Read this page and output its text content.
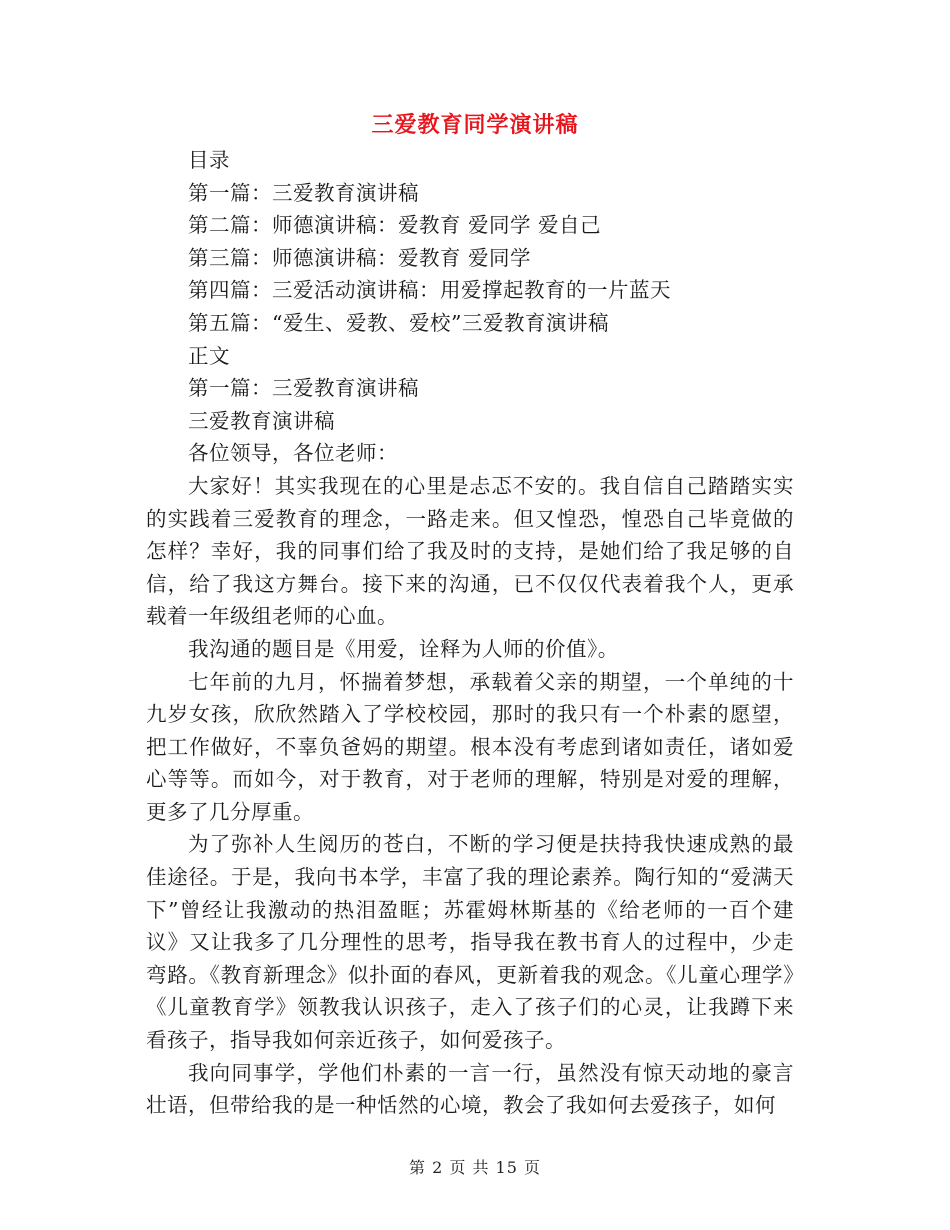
三爱教育同学演讲稿

目录

第一篇：三爱教育演讲稿

第二篇：师德演讲稿：爱教育 爱同学 爱自己

第三篇：师德演讲稿：爱教育 爱同学

第四篇：三爱活动演讲稿：用爱撑起教育的一片蓝天

第五篇：“爱生、爱教、爱校”三爱教育演讲稿

正文

第一篇：三爱教育演讲稿

三爱教育演讲稿

各位领导，各位老师：

大家好！其实我现在的心里是忐忑不安的。我自信自己踏踏实实的实践着三爱教育的理念，一路走来。但又惶恐，惶恐自己毕竟做的怎样？幸好，我的同事们给了我及时的支持，是她们给了我足够的自信，给了我这方舞台。接下来的沟通，已不仅仅代表着我个人，更承载着一年级组老师的心血。

我沟通的题目是《用爱，诠释为人师的价值》。

七年前的九月，怀揣着梦想，承载着父亲的期望，一个单纯的十九岁女孩，欣欣然踏入了学校校园，那时的我只有一个朴素的愿望，把工作做好，不辜负爸妈的期望。根本没有考虑到诸如责任，诸如爱心等等。而如今，对于教育，对于老师的理解，特别是对爱的理解，更多了几分厚重。

为了弥补人生阅历的苍白，不断的学习便是扶持我快速成熟的最佳途径。于是，我向书本学，丰富了我的理论素养。陶行知的“爱满天下”曾经让我激动的热泪盈眶；苏霍姆林斯基的《给老师的一百个建议》又让我多了几分理性的思考，指导我在教书育人的过程中，少走弯路。《教育新理念》似扑面的春风，更新着我的观念。《儿童心理学》《儿童教育学》领教我认识孩子，走入了孩子们的心灵，让我蹲下来看孩子，指导我如何亲近孩子，如何爱孩子。

我向同事学，学他们朴素的一言一行，虽然没有惊天动地的豪言壮语，但带给我的是一种恬然的心境，教会了我如何去爱孩子，如何

第 2 页 共 15 页
